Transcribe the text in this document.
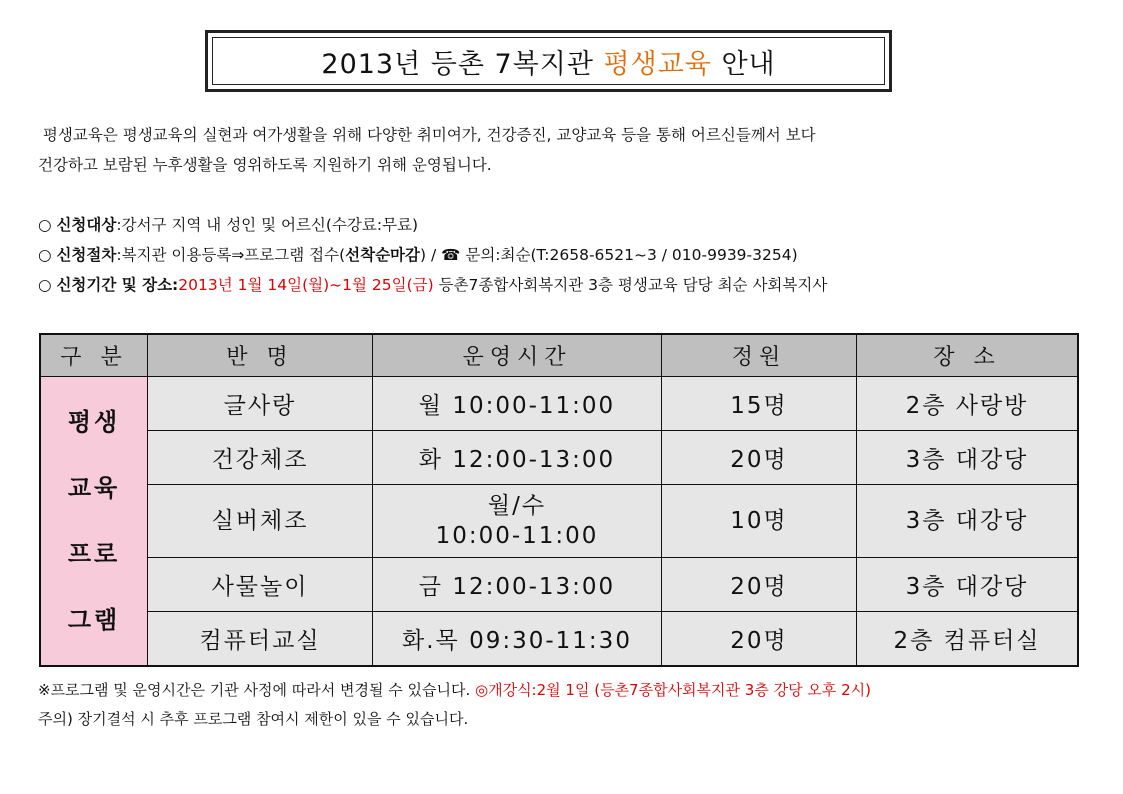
2013년 등촌 7복지관 평생교육 안내

평생교육은 평생교육의 실현과 여가생활을 위해 다양한 취미여가, 건강증진, 교양교육 등을 통해 어르신들께서 보다

건강하고 보람된 누후생활을 영위하도록 지원하기 위해 운영됩니다.

○ 신청대상:강서구 지역 내 성인 및 어르신(수강료:무료)
○ 신청절차:복지관 이용등록⇒프로그램 접수(선착순마감) / ☎ 문의:최순(T:2658-6521~3 / 010-9939-3254)
○ 신청기간 및 장소:2013년 1월 14일(월)~1월 25일(금) 등촌7종합사회복지관 3층 평생교육 담당 최순 사회복지사
구 분	반 명	운영시간	정원	장 소

평생
교육
프로
그램	글사랑	월 10:00-11:00	15명	2층 사랑방
	건강체조	화 12:00-13:00	20명	3층 대강당
	실버체조	월/수
10:00-11:00	10명	3층 대강당
	사물놀이	금 12:00-13:00	20명	3층 대강당
	컴퓨터교실	화.목 09:30-11:30	20명	2층 컴퓨터실
※프로그램 및 운영시간은 기관 사정에 따라서 변경될 수 있습니다. ◎개강식:2월 1일 (등촌7종합사회복지관 3층 강당 오후 2시)
주의) 장기결석 시 추후 프로그램 참여시 제한이 있을 수 있습니다.
